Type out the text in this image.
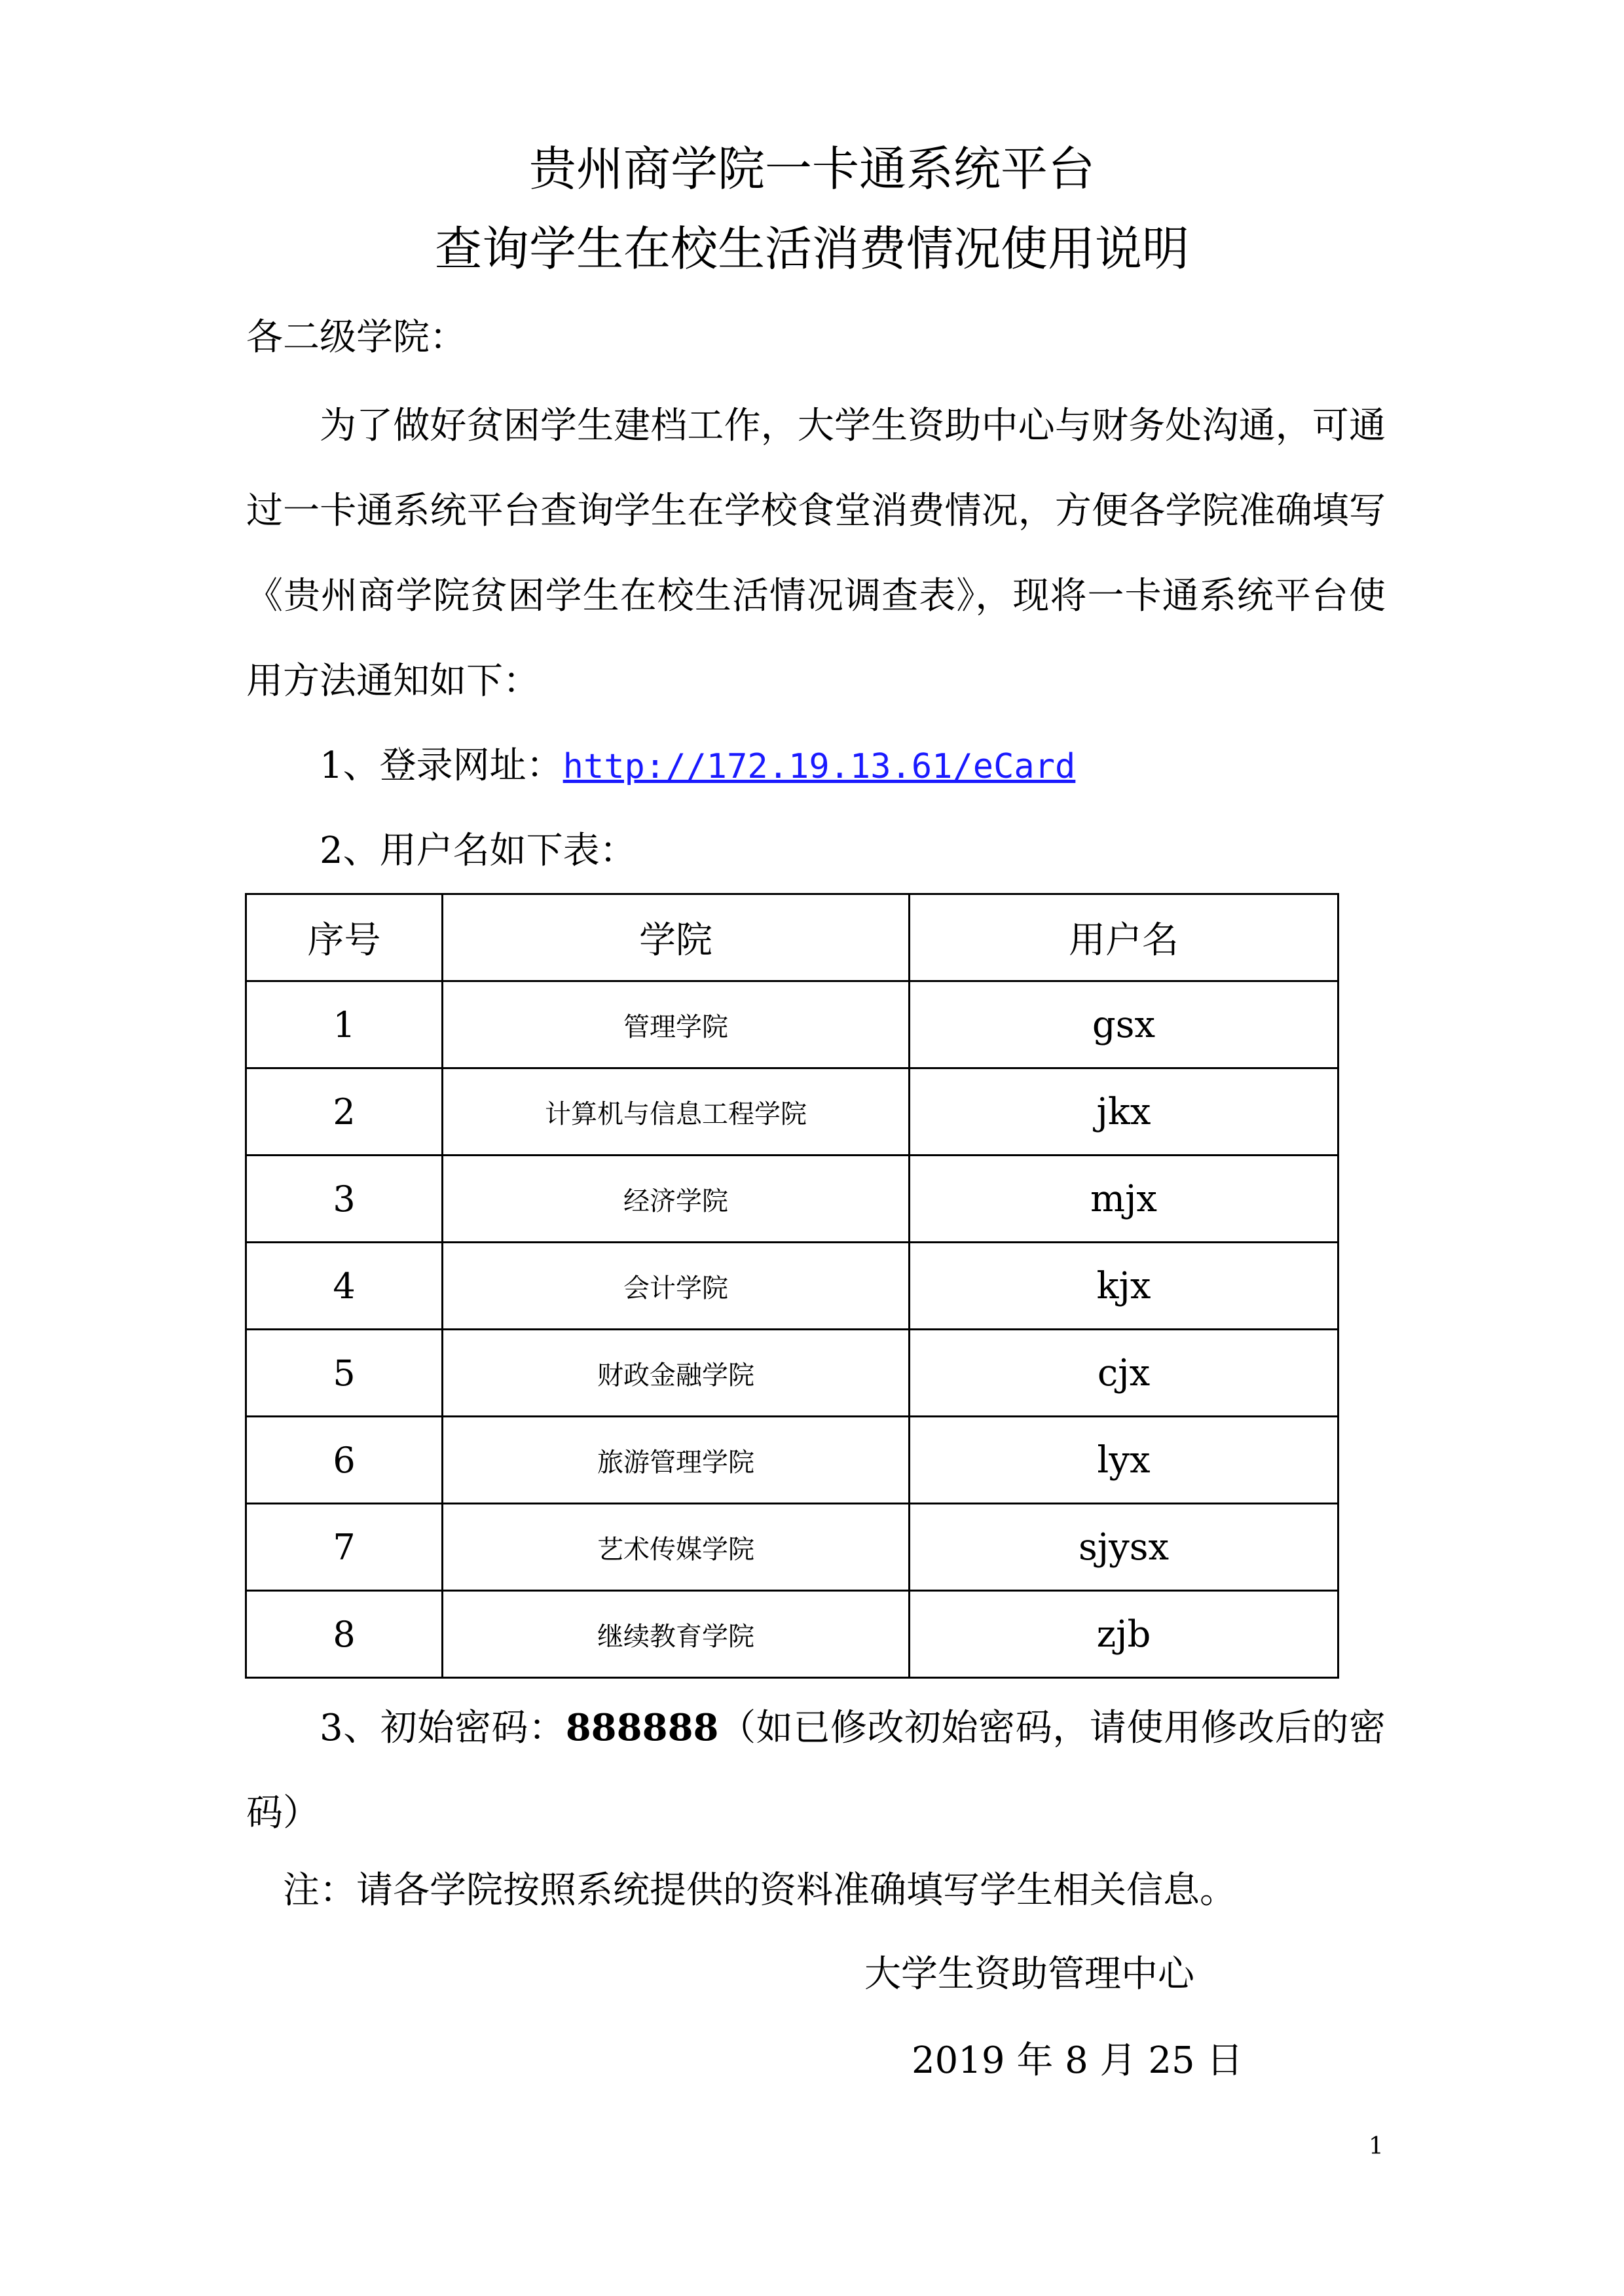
贵州商学院一卡通系统平台
查询学生在校生活消费情况使用说明
各二级学院：
为了做好贫困学生建档工作，大学生资助中心与财务处沟通，可通过一卡通系统平台查询学生在学校食堂消费情况，方便各学院准确填写《贵州商学院贫困学生在校生活情况调查表》，现将一卡通系统平台使用方法通知如下：
1、登录网址：http://172.19.13.61/eCard
2、用户名如下表：
序号	学院	用户名
1	管理学院	gsx
2	计算机与信息工程学院	jkx
3	经济学院	mjx
4	会计学院	kjx
5	财政金融学院	cjx
6	旅游管理学院	lyx
7	艺术传媒学院	sjysx
8	继续教育学院	zjb
3、初始密码：888888（如已修改初始密码，请使用修改后的密码）
注：请各学院按照系统提供的资料准确填写学生相关信息。
大学生资助管理中心
2019 年 8 月 25 日
1
